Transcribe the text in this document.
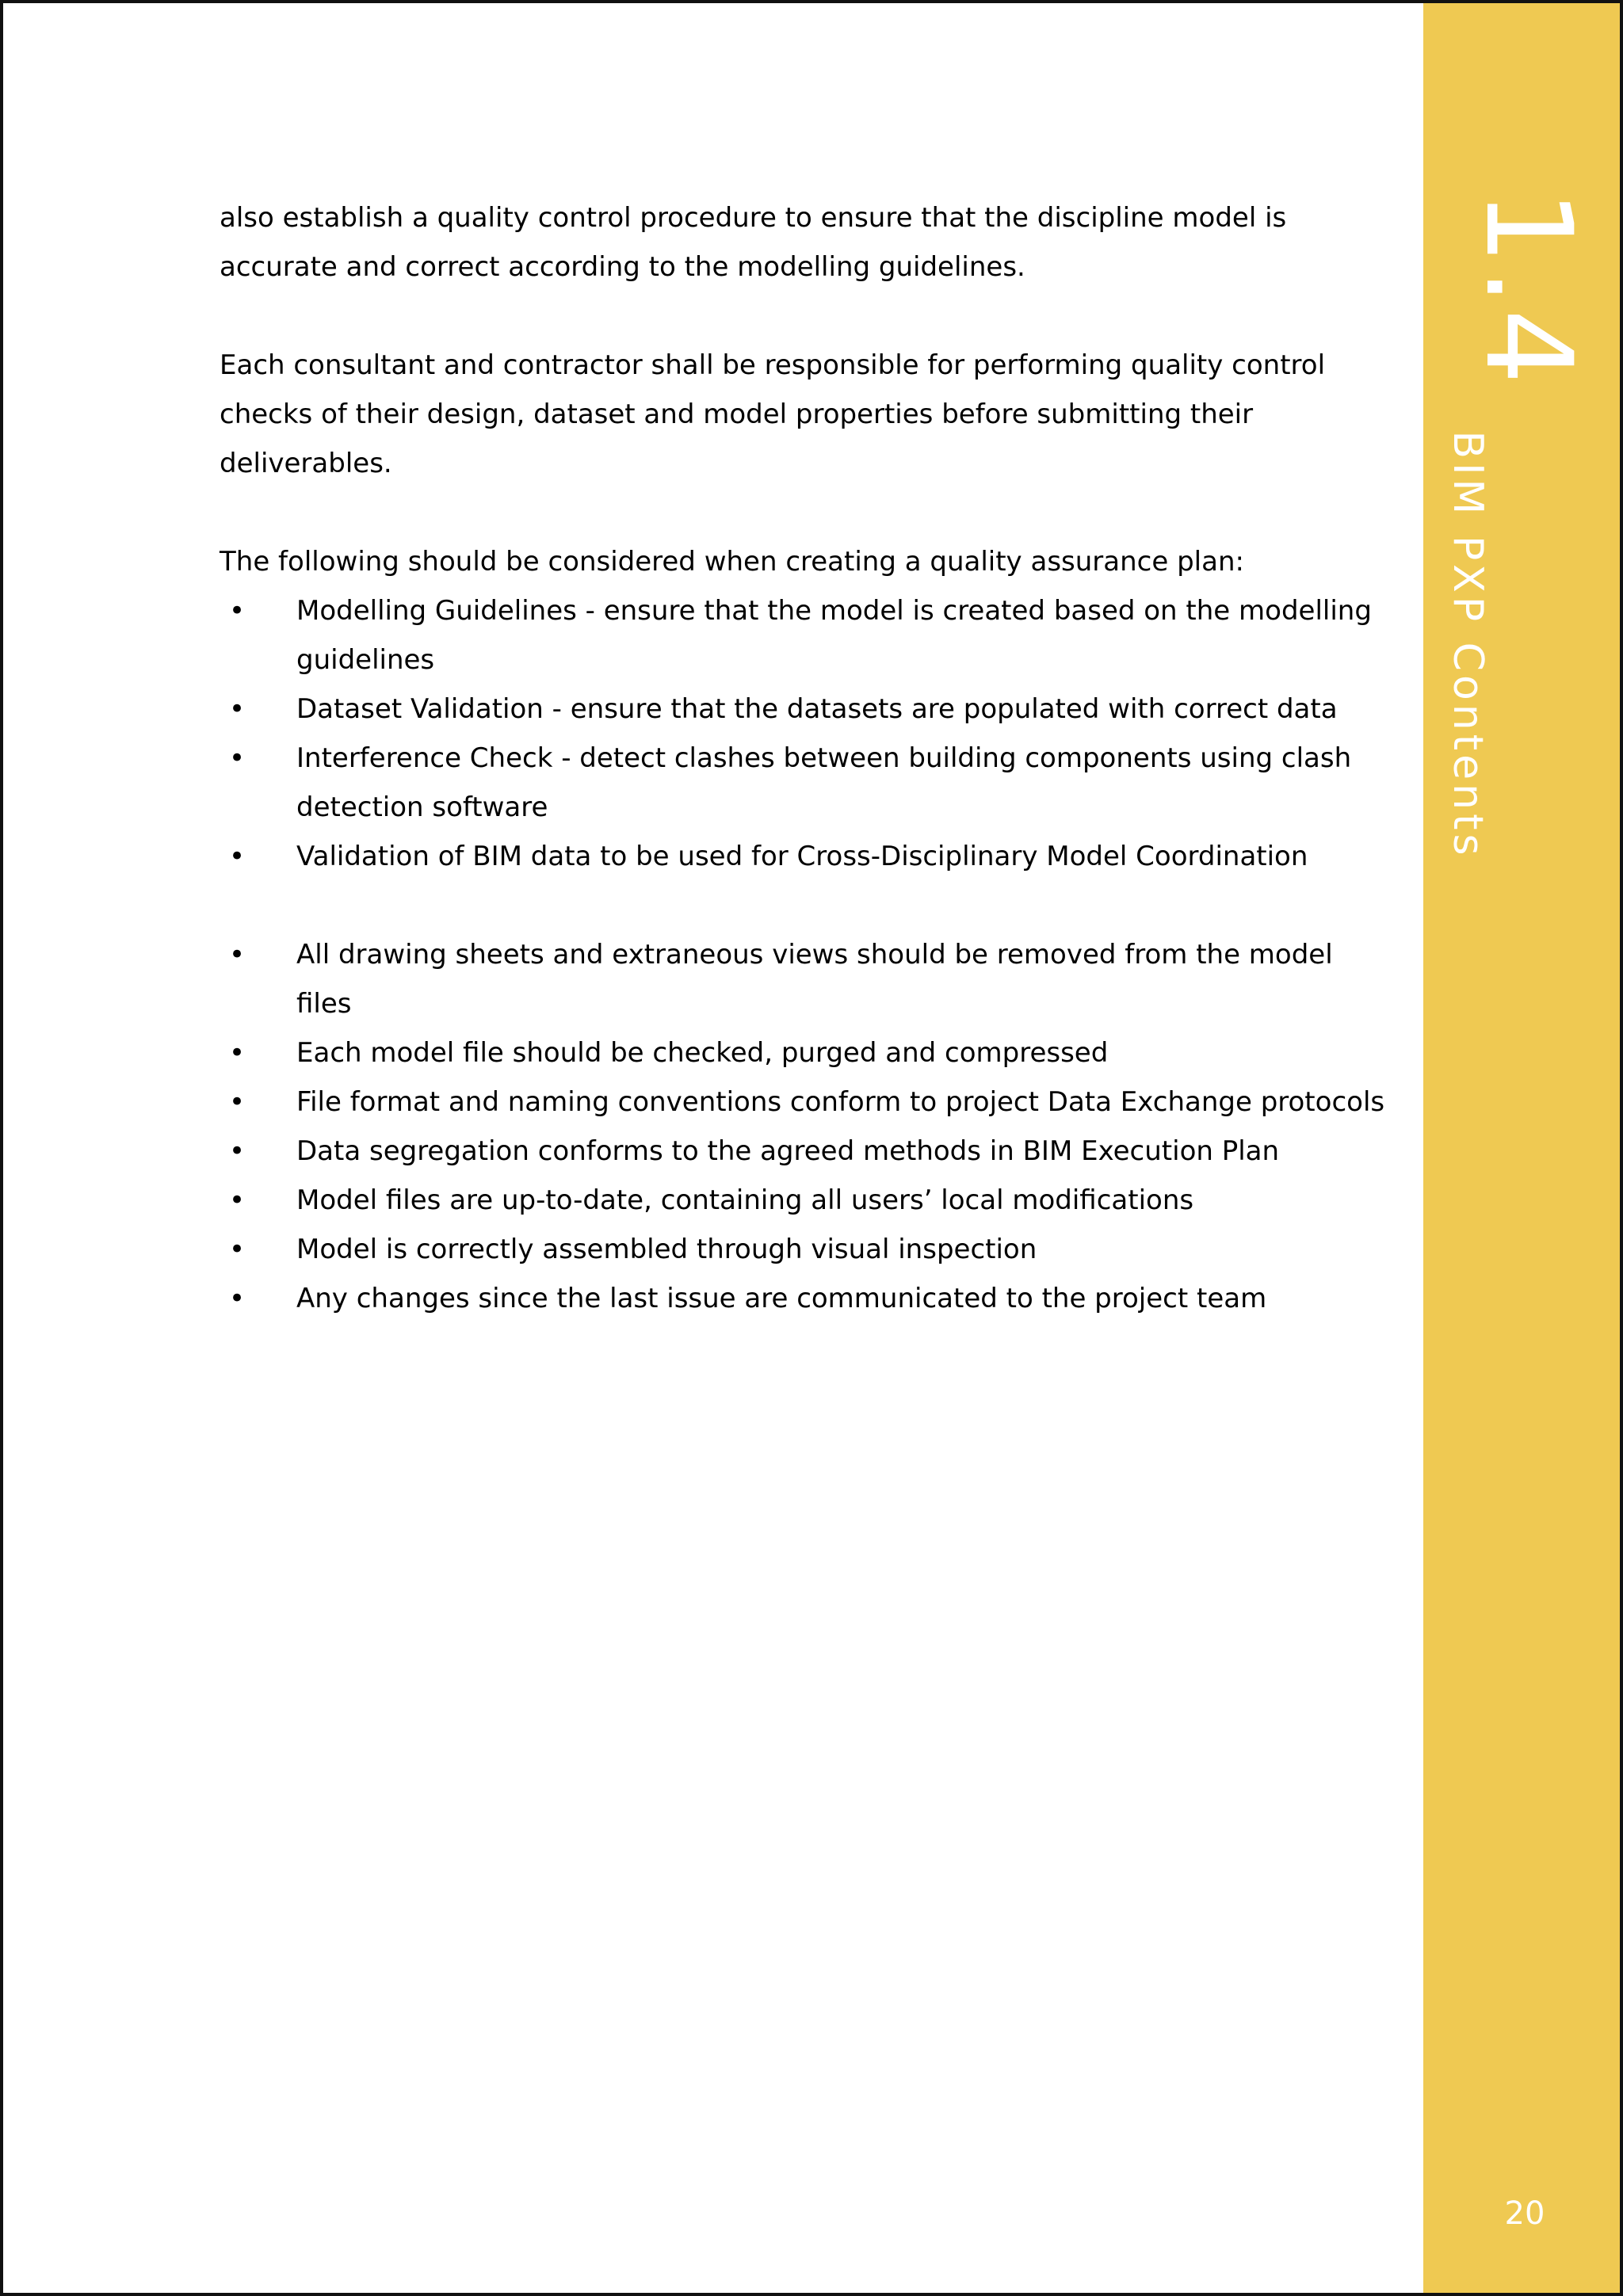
also establish a quality control procedure to ensure that the discipline model is accurate and correct according to the modelling guidelines.

Each consultant and contractor shall be responsible for performing quality control checks of their design, dataset and model properties before submitting their deliverables.

The following should be considered when creating a quality assurance plan:

• Modelling Guidelines - ensure that the model is created based on the modelling guidelines
• Dataset Validation - ensure that the datasets are populated with correct data
• Interference Check - detect clashes between building components using clash detection software
• Validation of BIM data to be used for Cross-Disciplinary Model Coordination
• All drawing sheets and extraneous views should be removed from the model files
• Each model file should be checked, purged and compressed
• File format and naming conventions conform to project Data Exchange protocols
• Data segregation conforms to the agreed methods in BIM Execution Plan
• Model files are up-to-date, containing all users’ local modifications
• Model is correctly assembled through visual inspection
• Any changes since the last issue are communicated to the project team
1.4
BIM PXP Contents
20
